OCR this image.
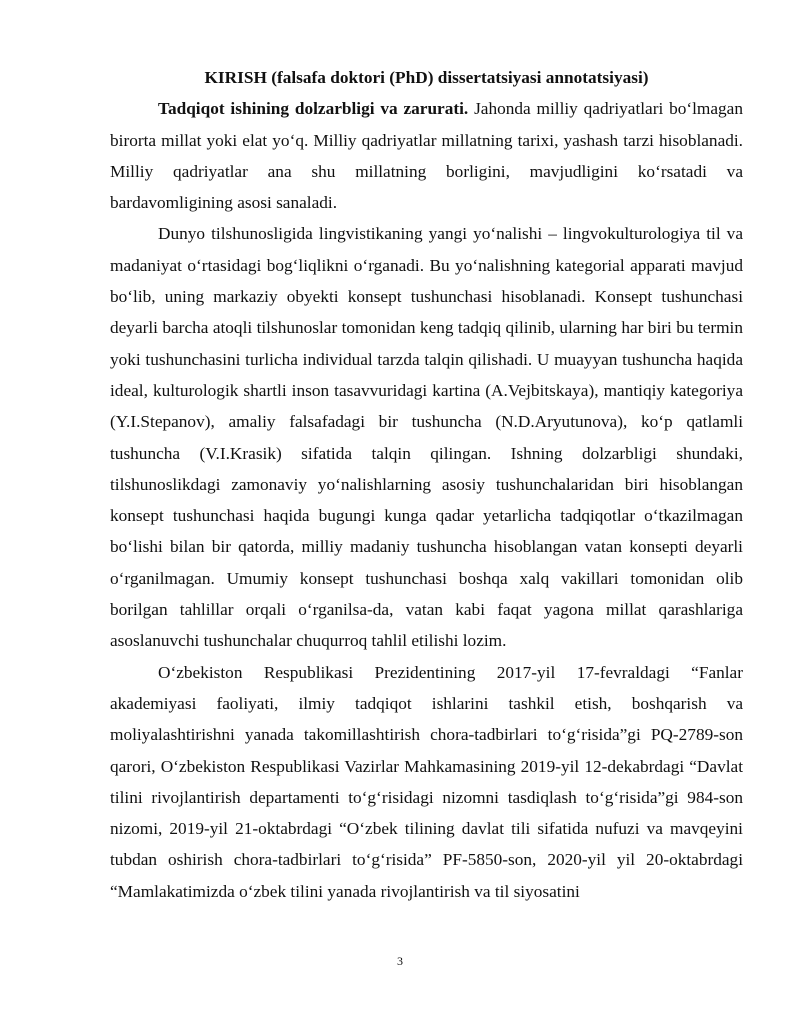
KIRISH (falsafa doktori (PhD) dissertatsiyasi annotatsiyasi)

Tadqiqot ishining dolzarbligi va zarurati. Jahonda milliy qadriyatlari boʻlmagan birorta millat yoki elat yoʻq. Milliy qadriyatlar millatning tarixi, yashash tarzi hisoblanadi. Milliy qadriyatlar ana shu millatning borligini, mavjudligini koʻrsatadi va bardavomligining asosi sanaladi.

Dunyo tilshunosligida lingvistikaning yangi yoʻnalishi – lingvokulturologiya til va madaniyat oʻrtasidagi bogʻliqlikni oʻrganadi. Bu yoʻnalishning kategorial apparati mavjud boʻlib, uning markaziy obyekti konsept tushunchasi hisoblanadi. Konsept tushunchasi deyarli barcha atoqli tilshunoslar tomonidan keng tadqiq qilinib, ularning har biri bu termin yoki tushunchasini turlicha individual tarzda talqin qilishadi. U muayyan tushuncha haqida ideal, kulturologik shartli inson tasavvuridagi kartina (A.Vejbitskaya), mantiqiy kategoriya (Y.I.Stepanov), amaliy falsafadagi bir tushuncha (N.D.Aryutunova), koʻp qatlamli tushuncha (V.I.Krasik) sifatida talqin qilingan. Ishning dolzarbligi shundaki, tilshunoslikdagi zamonaviy yoʻnalishlarning asosiy tushunchalaridan biri hisoblangan konsept tushunchasi haqida bugungi kunga qadar yetarlicha tadqiqotlar oʻtkazilmagan boʻlishi bilan bir qatorda, milliy madaniy tushuncha hisoblangan vatan konsepti deyarli oʻrganilmagan. Umumiy konsept tushunchasi boshqa xalq vakillari tomonidan olib borilgan tahlillar orqali oʻrganilsa-da, vatan kabi faqat yagona millat qarashlariga asoslanuvchi tushunchalar chuqurroq tahlil etilishi lozim.

Oʻzbekiston Respublikasi Prezidentining 2017-yil 17-fevraldagi “Fanlar akademiyasi faoliyati, ilmiy tadqiqot ishlarini tashkil etish, boshqarish va moliyalashtirishni yanada takomillashtirish chora-tadbirlari toʻgʻrisida”gi PQ-2789-son qarori, Oʻzbekiston Respublikasi Vazirlar Mahkamasining 2019-yil 12-dekabrdagi “Davlat tilini rivojlantirish departamenti toʻgʻrisidagi nizomni tasdiqlash toʻgʻrisida”gi 984-son nizomi, 2019-yil 21-oktabrdagi “Oʻzbek tilining davlat tili sifatida nufuzi va mavqeyini tubdan oshirish chora-tadbirlari toʻgʻrisida” PF-5850-son, 2020-yil yil 20-oktabrdagi “Mamlakatimizda oʻzbek tilini yanada rivojlantirish va til siyosatini

3
